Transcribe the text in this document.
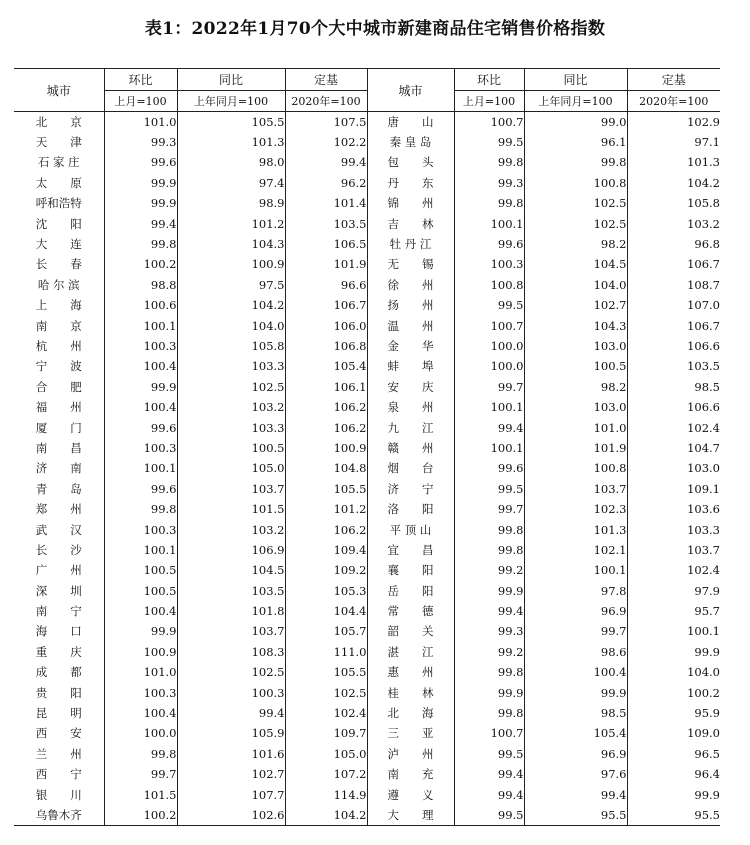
表1：2022年1月70个大中城市新建商品住宅销售价格指数
城市	环比	同比	定基	城市	环比	同比	定基
	上月=100	上年同月=100	2020年=100		上月=100	上年同月=100	2020年=100
北　　京	101.0	105.5	107.5	唐　　山	100.7	99.0	102.9
天　　津	99.3	101.3	102.2	秦 皇 岛	99.5	96.1	97.1
石 家 庄	99.6	98.0	99.4	包　　头	99.8	99.8	101.3
太　　原	99.9	97.4	96.2	丹　　东	99.3	100.8	104.2
呼和浩特	99.9	98.9	101.4	锦　　州	99.8	102.5	105.8
沈　　阳	99.4	101.2	103.5	吉　　林	100.1	102.5	103.2
大　　连	99.8	104.3	106.5	牡 丹 江	99.6	98.2	96.8
长　　春	100.2	100.9	101.9	无　　锡	100.3	104.5	106.7
哈 尔 滨	98.8	97.5	96.6	徐　　州	100.8	104.0	108.7
上　　海	100.6	104.2	106.7	扬　　州	99.5	102.7	107.0
南　　京	100.1	104.0	106.0	温　　州	100.7	104.3	106.7
杭　　州	100.3	105.8	106.8	金　　华	100.0	103.0	106.6
宁　　波	100.4	103.3	105.4	蚌　　埠	100.0	100.5	103.5
合　　肥	99.9	102.5	106.1	安　　庆	99.7	98.2	98.5
福　　州	100.4	103.2	106.2	泉　　州	100.1	103.0	106.6
厦　　门	99.6	103.3	106.2	九　　江	99.4	101.0	102.4
南　　昌	100.3	100.5	100.9	赣　　州	100.1	101.9	104.7
济　　南	100.1	105.0	104.8	烟　　台	99.6	100.8	103.0
青　　岛	99.6	103.7	105.5	济　　宁	99.5	103.7	109.1
郑　　州	99.8	101.5	101.2	洛　　阳	99.7	102.3	103.6
武　　汉	100.3	103.2	106.2	平 顶 山	99.8	101.3	103.3
长　　沙	100.1	106.9	109.4	宜　　昌	99.8	102.1	103.7
广　　州	100.5	104.5	109.2	襄　　阳	99.2	100.1	102.4
深　　圳	100.5	103.5	105.3	岳　　阳	99.9	97.8	97.9
南　　宁	100.4	101.8	104.4	常　　德	99.4	96.9	95.7
海　　口	99.9	103.7	105.7	韶　　关	99.3	99.7	100.1
重　　庆	100.9	108.3	111.0	湛　　江	99.2	98.6	99.9
成　　都	101.0	102.5	105.5	惠　　州	99.8	100.4	104.0
贵　　阳	100.3	100.3	102.5	桂　　林	99.9	99.9	100.2
昆　　明	100.4	99.4	102.4	北　　海	99.8	98.5	95.9
西　　安	100.0	105.9	109.7	三　　亚	100.7	105.4	109.0
兰　　州	99.8	101.6	105.0	泸　　州	99.5	96.9	96.5
西　　宁	99.7	102.7	107.2	南　　充	99.4	97.6	96.4
银　　川	101.5	107.7	114.9	遵　　义	99.4	99.4	99.9
乌鲁木齐	100.2	102.6	104.2	大　　理	99.5	95.5	95.5
